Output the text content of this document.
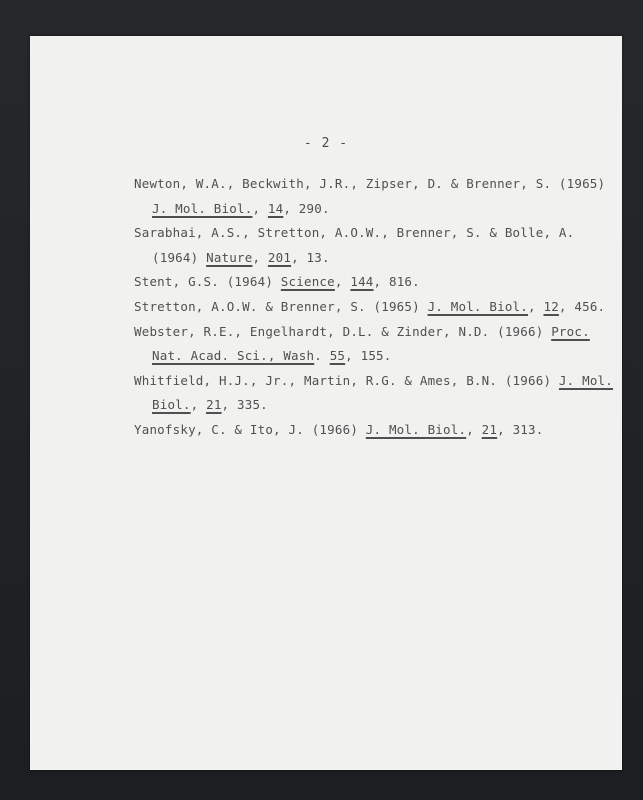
- 2 -
Newton, W.A., Beckwith, J.R., Zipser, D. & Brenner, S. (1965)
J. Mol. Biol., 14, 290.
Sarabhai, A.S., Stretton, A.O.W., Brenner, S. & Bolle, A.
(1964) Nature, 201, 13.
Stent, G.S. (1964) Science, 144, 816.
Stretton, A.O.W. & Brenner, S. (1965) J. Mol. Biol., 12, 456.
Webster, R.E., Engelhardt, D.L. & Zinder, N.D. (1966) Proc.
Nat. Acad. Sci., Wash. 55, 155.
Whitfield, H.J., Jr., Martin, R.G. & Ames, B.N. (1966) J. Mol.
Biol., 21, 335.
Yanofsky, C. & Ito, J. (1966) J. Mol. Biol., 21, 313.
